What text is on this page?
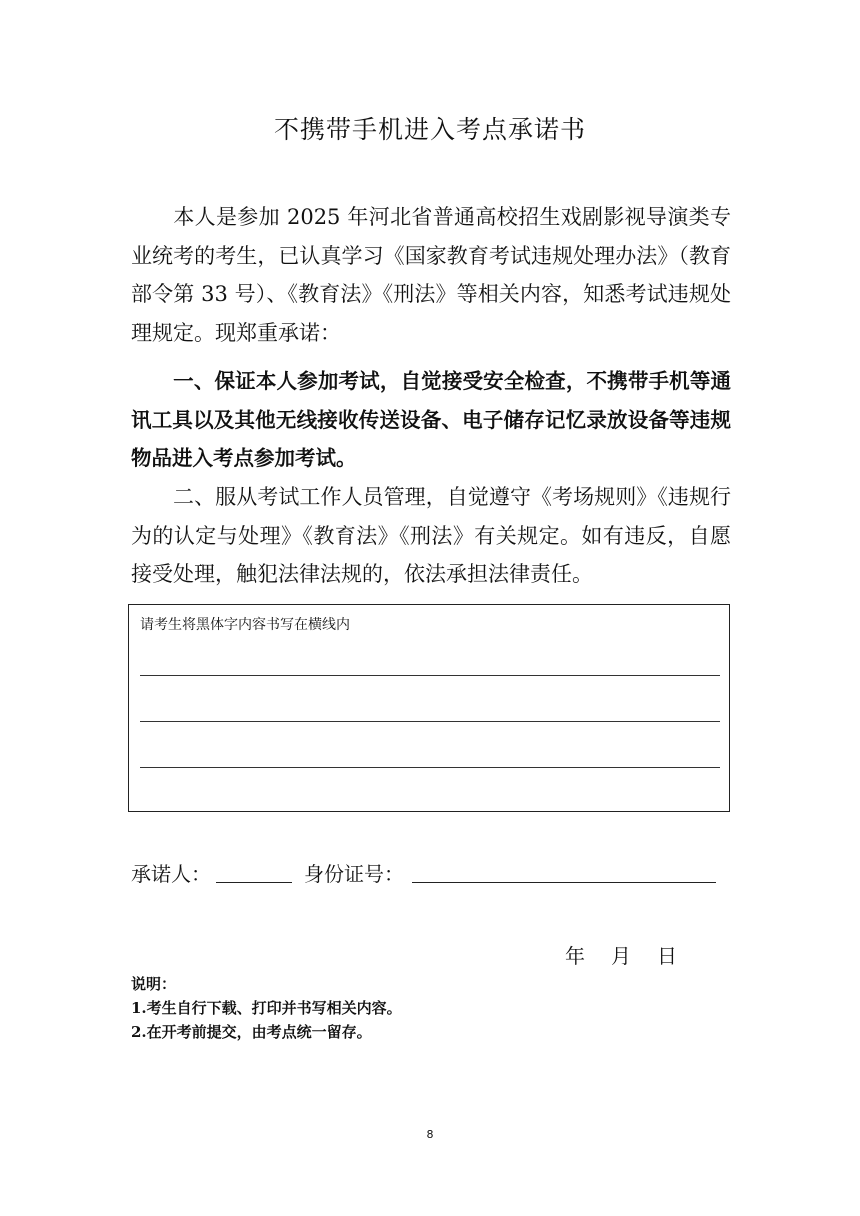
不携带手机进入考点承诺书
本人是参加 2025 年河北省普通高校招生戏剧影视导演类专业统考的考生，已认真学习《国家教育考试违规处理办法》（教育部令第 33 号）、《教育法》《刑法》等相关内容，知悉考试违规处理规定。现郑重承诺：
一、保证本人参加考试，自觉接受安全检查，不携带手机等通讯工具以及其他无线接收传送设备、电子储存记忆录放设备等违规物品进入考点参加考试。
二、服从考试工作人员管理，自觉遵守《考场规则》《违规行为的认定与处理》《教育法》《刑法》有关规定。如有违反，自愿接受处理，触犯法律法规的，依法承担法律责任。
请考生将黑体字内容书写在横线内
承诺人：	身份证号：
年 月 日
说明：
1.考生自行下载、打印并书写相关内容。
2.在开考前提交，由考点统一留存。
8
